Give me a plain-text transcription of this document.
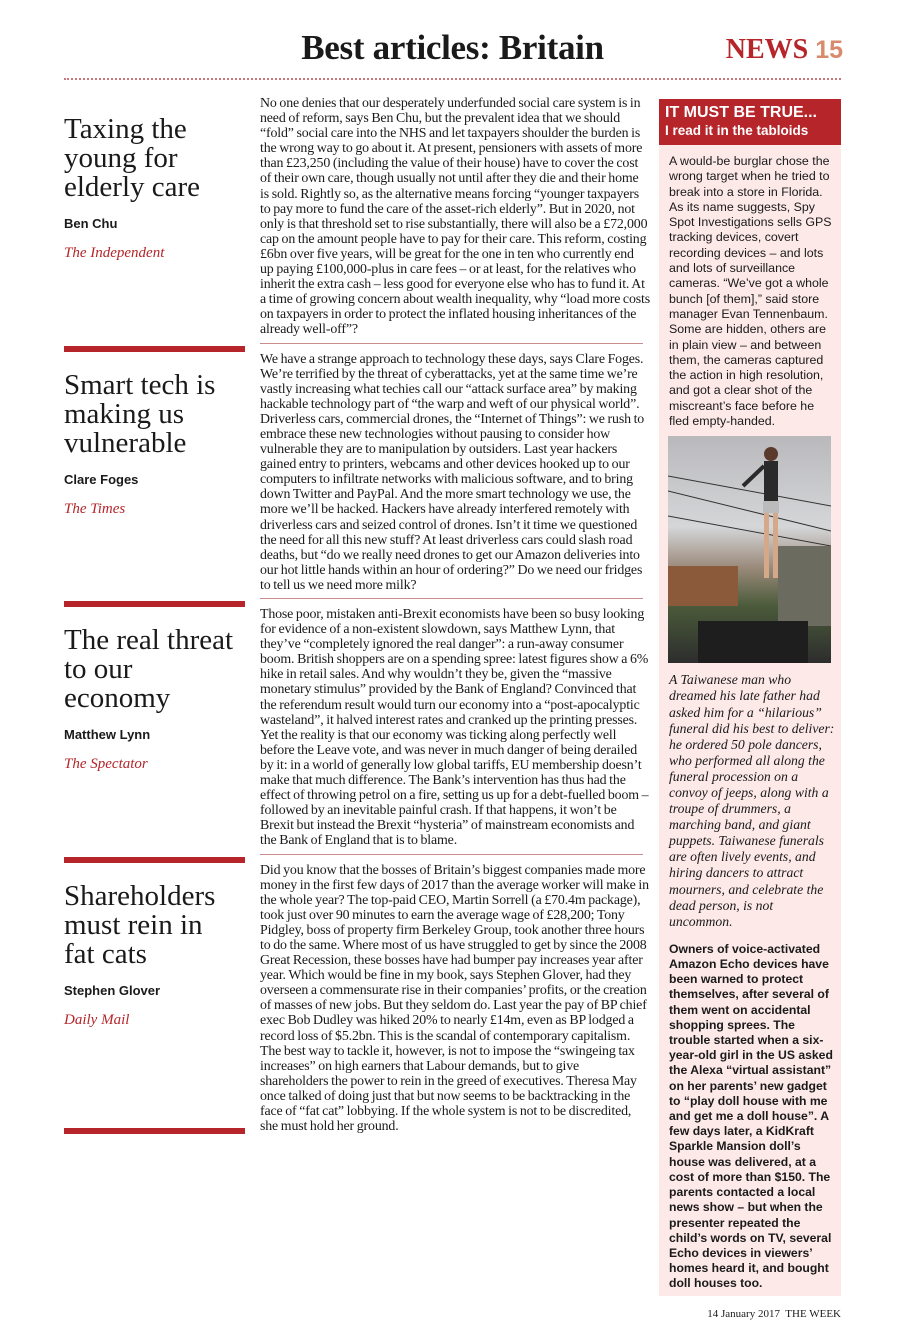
Best articles: Britain	NEWS 15
Taxing the young for elderly care
Ben Chu
The Independent

No one denies that our desperately underfunded social care system is in need of reform, says Ben Chu, but the prevalent idea that we should “fold” social care into the NHS and let taxpayers shoulder the burden is the wrong way to go about it. At present, pensioners with assets of more than £23,250 (including the value of their house) have to cover the cost of their own care, though usually not until after they die and their home is sold. Rightly so, as the alternative means forcing “younger taxpayers to pay more to fund the care of the asset-rich elderly”. But in 2020, not only is that threshold set to rise substantially, there will also be a £72,000 cap on the amount people have to pay for their care. This reform, costing £6bn over five years, will be great for the one in ten who currently end up paying £100,000-plus in care fees – or at least, for the relatives who inherit the extra cash – less good for everyone else who has to fund it. At a time of growing concern about wealth inequality, why “load more costs on taxpayers in order to protect the inflated housing inheritances of the already well-off”?

Smart tech is making us vulnerable
Clare Foges
The Times

We have a strange approach to technology these days, says Clare Foges. We’re terrified by the threat of cyberattacks, yet at the same time we’re vastly increasing what techies call our “attack surface area” by making hackable technology part of “the warp and weft of our physical world”. Driverless cars, commercial drones, the “Internet of Things”: we rush to embrace these new technologies without pausing to consider how vulnerable they are to manipulation by outsiders. Last year hackers gained entry to printers, webcams and other devices hooked up to our computers to infiltrate networks with malicious software, and to bring down Twitter and PayPal. And the more smart technology we use, the more we’ll be hacked. Hackers have already interfered remotely with driverless cars and seized control of drones. Isn’t it time we questioned the need for all this new stuff? At least driverless cars could slash road deaths, but “do we really need drones to get our Amazon deliveries into our hot little hands within an hour of ordering?” Do we need our fridges to tell us we need more milk?

The real threat to our economy
Matthew Lynn
The Spectator

Those poor, mistaken anti-Brexit economists have been so busy looking for evidence of a non-existent slowdown, says Matthew Lynn, that they’ve “completely ignored the real danger”: a run-away consumer boom. British shoppers are on a spending spree: latest figures show a 6% hike in retail sales. And why wouldn’t they be, given the “massive monetary stimulus” provided by the Bank of England? Convinced that the referendum result would turn our economy into a “post-apocalyptic wasteland”, it halved interest rates and cranked up the printing presses. Yet the reality is that our economy was ticking along perfectly well before the Leave vote, and was never in much danger of being derailed by it: in a world of generally low global tariffs, EU membership doesn’t make that much difference. The Bank’s intervention has thus had the effect of throwing petrol on a fire, setting us up for a debt-fuelled boom – followed by an inevitable painful crash. If that happens, it won’t be Brexit but instead the Brexit “hysteria” of mainstream economists and the Bank of England that is to blame.

Shareholders must rein in fat cats
Stephen Glover
Daily Mail

Did you know that the bosses of Britain’s biggest companies made more money in the first few days of 2017 than the average worker will make in the whole year? The top-paid CEO, Martin Sorrell (a £70.4m package), took just over 90 minutes to earn the average wage of £28,200; Tony Pidgley, boss of property firm Berkeley Group, took another three hours to do the same. Where most of us have struggled to get by since the 2008 Great Recession, these bosses have had bumper pay increases year after year. Which would be fine in my book, says Stephen Glover, had they overseen a commensurate rise in their companies’ profits, or the creation of masses of new jobs. But they seldom do. Last year the pay of BP chief exec Bob Dudley was hiked 20% to nearly £14m, even as BP lodged a record loss of $5.2bn. This is the scandal of contemporary capitalism. The best way to tackle it, however, is not to impose the “swingeing tax increases” on high earners that Labour demands, but to give shareholders the power to rein in the greed of executives. Theresa May once talked of doing just that but now seems to be backtracking in the face of “fat cat” lobbying. If the whole system is not to be discredited, she must hold her ground.

IT MUST BE TRUE...
I read it in the tabloids
A would-be burglar chose the wrong target when he tried to break into a store in Florida. As its name suggests, Spy Spot Investigations sells GPS tracking devices, covert recording devices – and lots and lots of surveillance cameras. “We’ve got a whole bunch [of them],” said store manager Evan Tennenbaum. Some are hidden, others are in plain view – and between them, the cameras captured the action in high resolution, and got a clear shot of the miscreant’s face before he fled empty-handed.
A Taiwanese man who dreamed his late father had asked him for a “hilarious” funeral did his best to deliver: he ordered 50 pole dancers, who performed all along the funeral procession on a convoy of jeeps, along with a troupe of drummers, a marching band, and giant puppets. Taiwanese funerals are often lively events, and hiring dancers to attract mourners, and celebrate the dead person, is not uncommon.
Owners of voice-activated Amazon Echo devices have been warned to protect themselves, after several of them went on accidental shopping sprees. The trouble started when a six-year-old girl in the US asked the Alexa “virtual assistant” on her parents’ new gadget to “play doll house with me and get me a doll house”. A few days later, a KidKraft Sparkle Mansion doll’s house was delivered, at a cost of more than $150. The parents contacted a local news show – but when the presenter repeated the child’s words on TV, several Echo devices in viewers’ homes heard it, and bought doll houses too.
14 January 2017 THE WEEK
